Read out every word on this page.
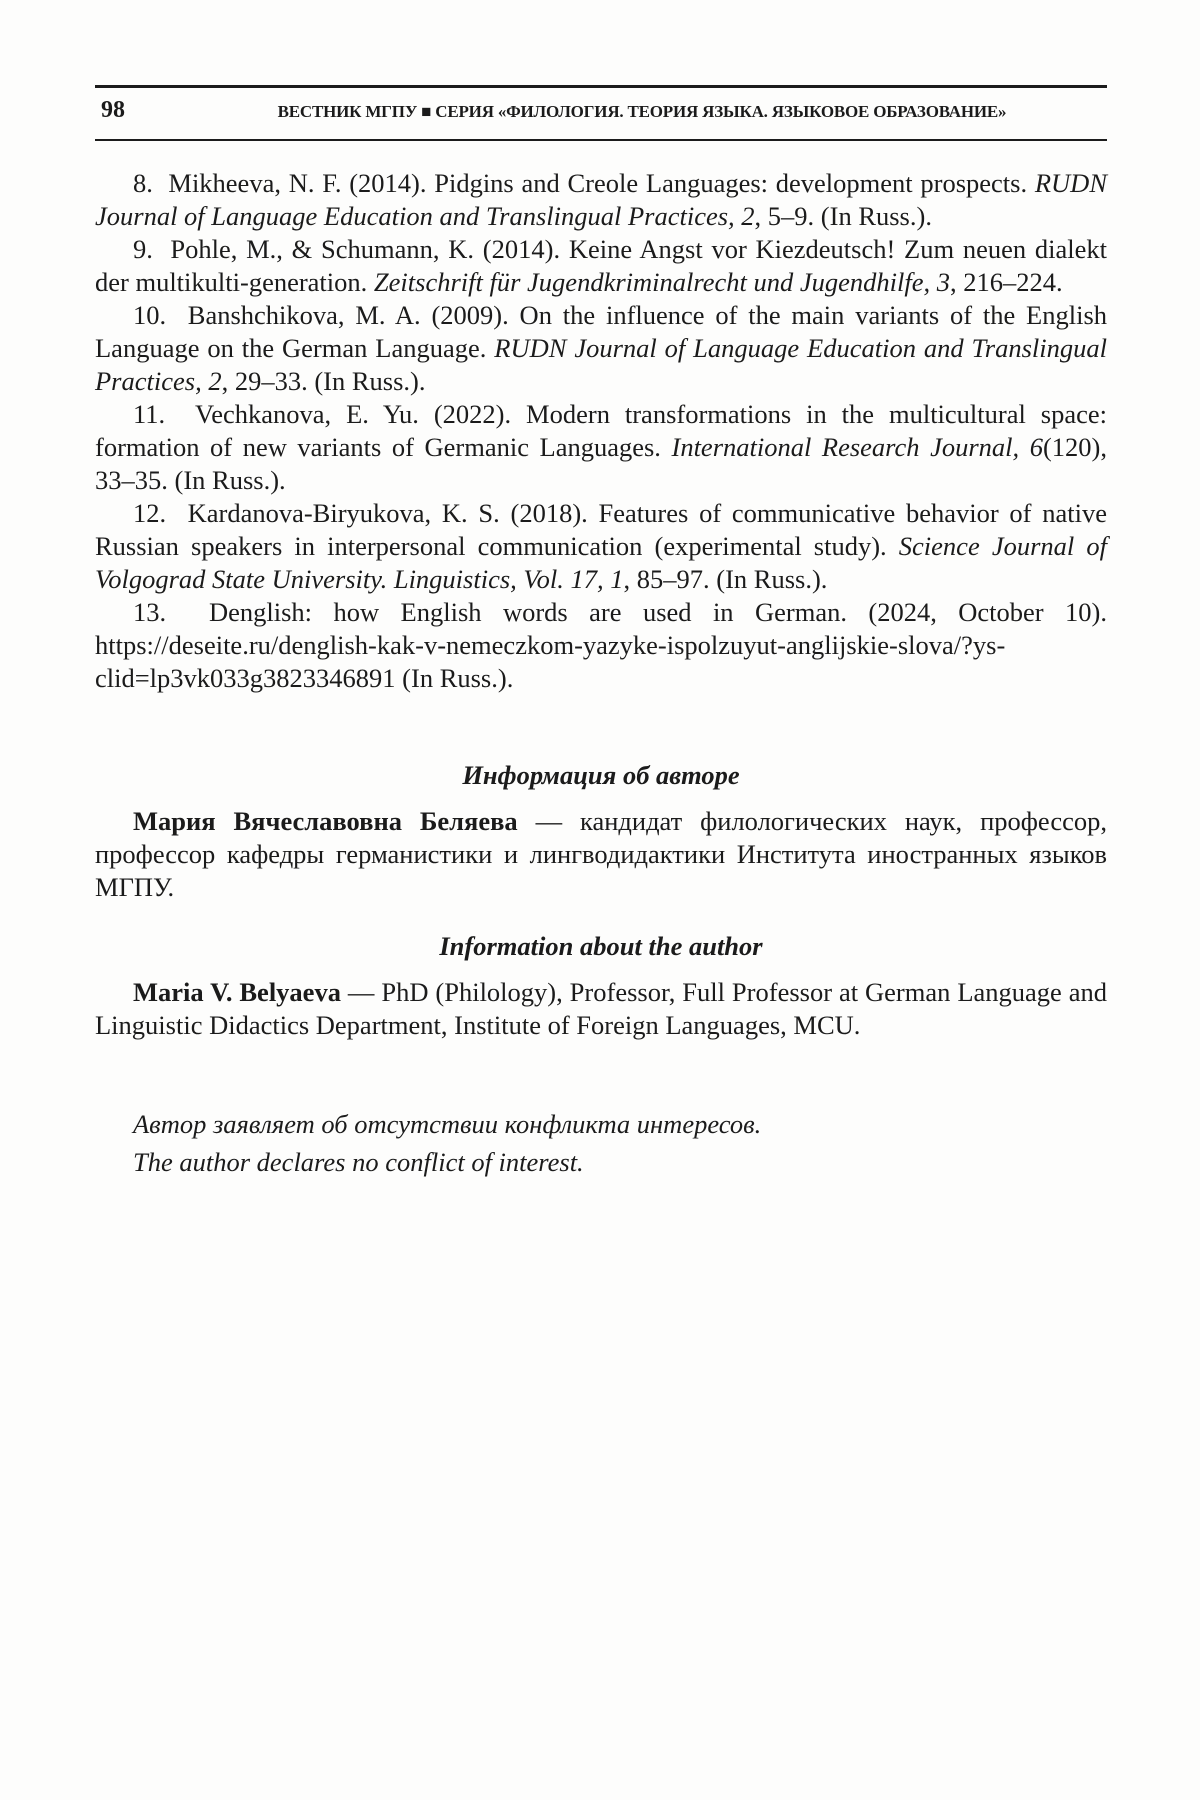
98	ВЕСТНИК МГПУ ■ СЕРИЯ «ФИЛОЛОГИЯ. ТЕОРИЯ ЯЗЫКА. ЯЗЫКОВОЕ ОБРАЗОВАНИЕ»

8.  Mikheeva, N. F. (2014). Pidgins and Creole Languages: development prospects. RUDN Journal of Language Education and Translingual Practices, 2, 5–9. (In Russ.).

9.  Pohle, M., & Schumann, K. (2014). Keine Angst vor Kiezdeutsch! Zum neuen dialekt der multikulti-generation. Zeitschrift für Jugendkriminalrecht und Jugendhilfe, 3, 216–224.

10.  Banshchikova, M. A. (2009). On the influence of the main variants of the English Language on the German Language. RUDN Journal of Language Education and Translingual Practices, 2, 29–33. (In Russ.).

11.  Vechkanova, E. Yu. (2022). Modern transformations in the multicultural space: formation of new variants of Germanic Languages. International Research Journal, 6(120), 33–35. (In Russ.).

12.  Kardanova-Biryukova, K. S. (2018). Features of communicative behavior of native Russian speakers in interpersonal communication (experimental study). Science Journal of Volgograd State University. Linguistics, Vol. 17, 1, 85–97. (In Russ.).

13.  Denglish: how English words are used in German. (2024, October 10). https://deseite.ru/denglish-kak-v-nemeczkom-yazyke-ispolzuyut-anglijskie-slova/?ys-clid=lp3vk033g3823346891 (In Russ.).

Информация об авторе

Мария Вячеславовна Беляева — кандидат филологических наук, профессор, профессор кафедры германистики и лингводидактики Института иностранных языков МГПУ.

Information about the author

Maria V. Belyaeva — PhD (Philology), Professor, Full Professor at German Language and Linguistic Didactics Department, Institute of Foreign Languages, MCU.

Автор заявляет об отсутствии конфликта интересов.

The author declares no conflict of interest.
